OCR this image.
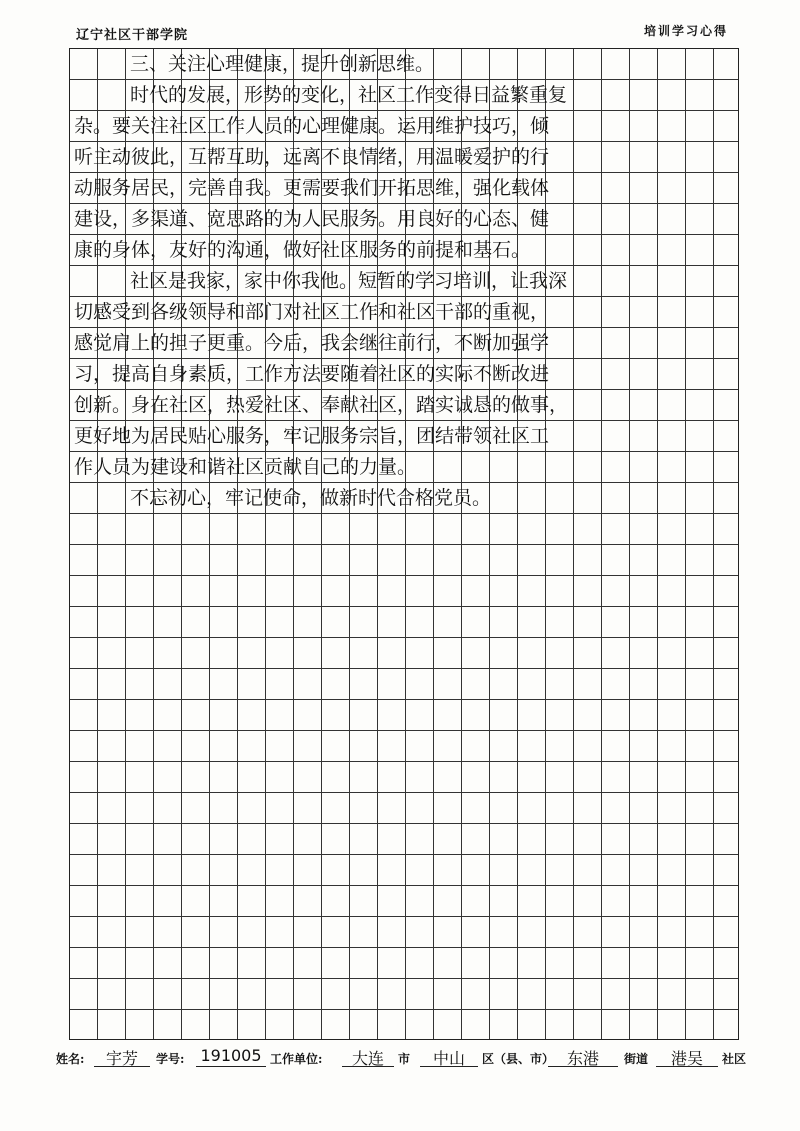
辽宁社区干部学院	培训学习心得
三、关注心理健康，提升创新思维。
时代的发展，形势的变化，社区工作变得日益繁重复
杂。要关注社区工作人员的心理健康。运用维护技巧，倾
听主动彼此，互帮互助，远离不良情绪，用温暖爱护的行
动服务居民，完善自我。更需要我们开拓思维，强化载体
建设，多渠道、宽思路的为人民服务。用良好的心态、健
康的身体，友好的沟通，做好社区服务的前提和基石。
社区是我家，家中你我他。短暂的学习培训，让我深
切感受到各级领导和部门对社区工作和社区干部的重视，
感觉肩上的担子更重。今后，我会继往前行，不断加强学
习，提高自身素质，工作方法要随着社区的实际不断改进
创新。身在社区，热爱社区、奉献社区，踏实诚恳的做事，
更好地为居民贴心服务，牢记服务宗旨，团结带领社区工
作人员为建设和谐社区贡献自己的力量。
不忘初心，牢记使命，做新时代合格党员。
姓名:	宇芳	学号: 191005 工作单位:	大连	市	中山	区（县、市） 东港	街道	港吴	社区
